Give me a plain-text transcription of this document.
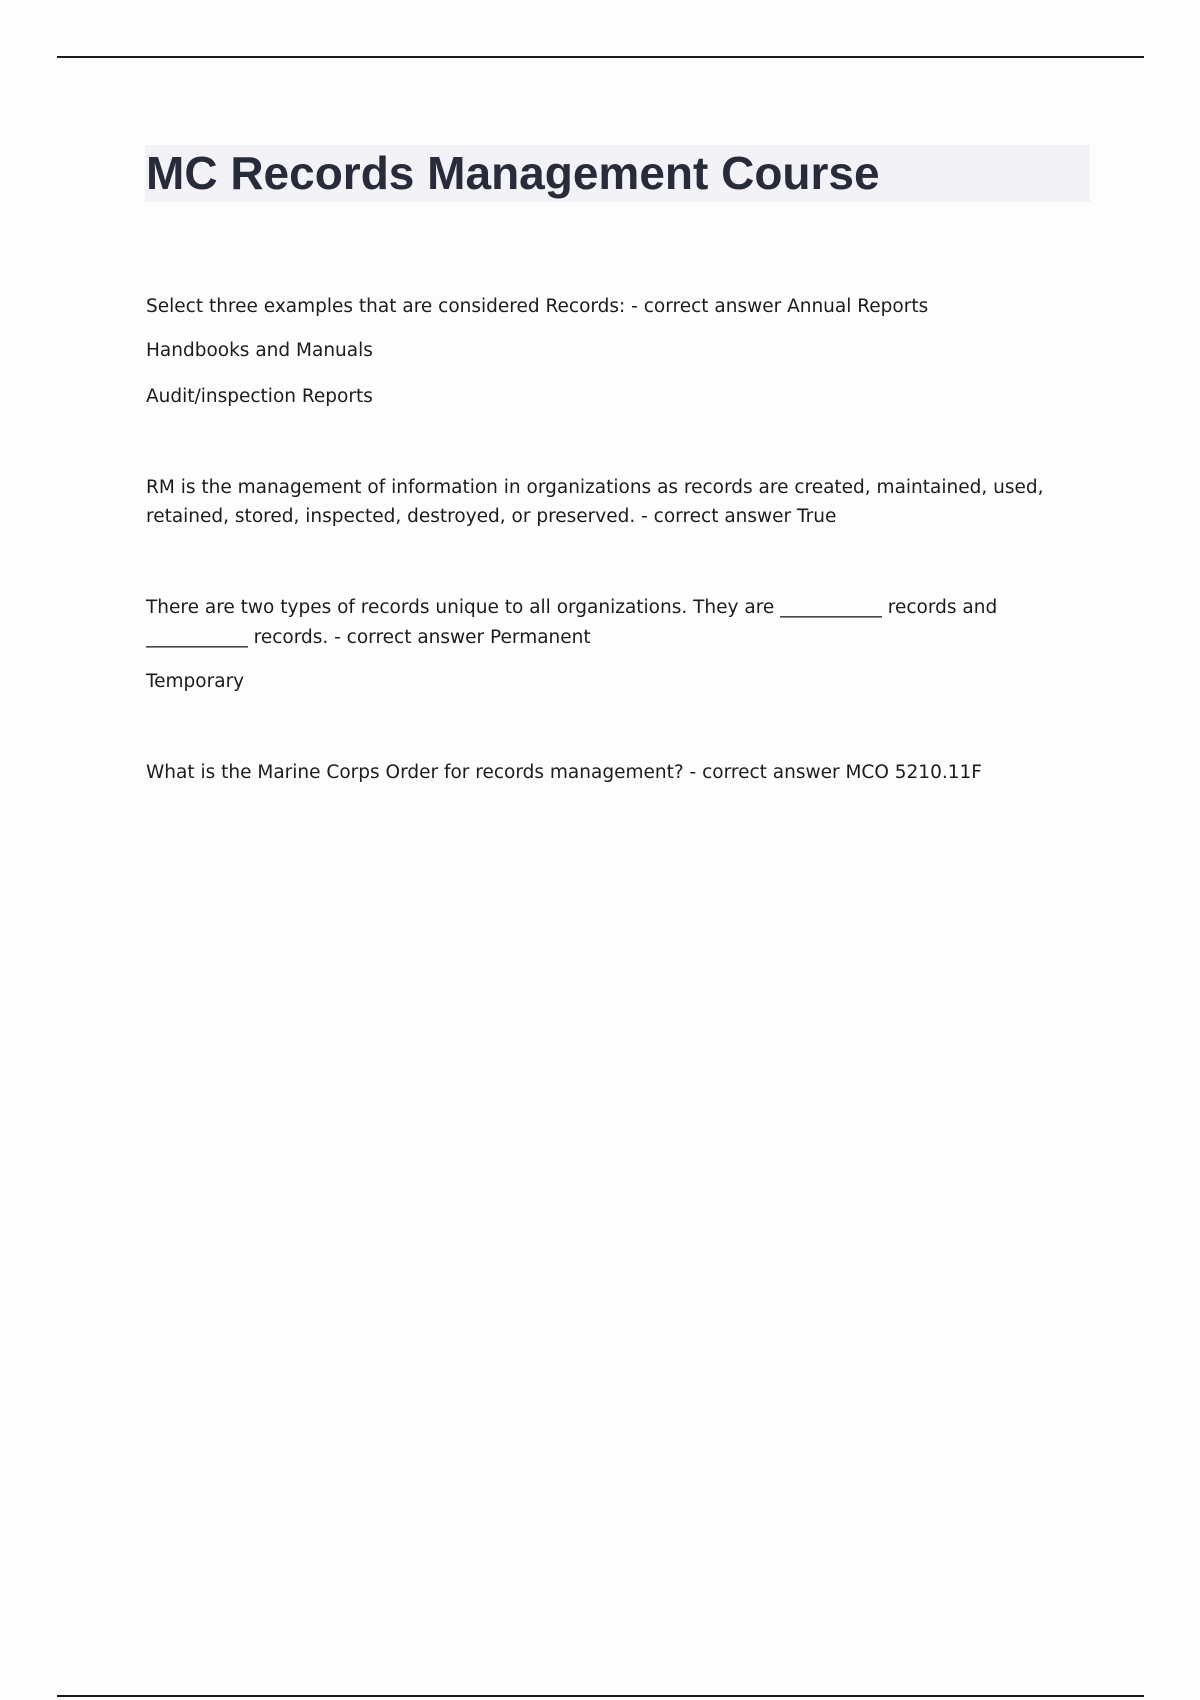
MC Records Management Course

Select three examples that are considered Records: - correct answer Annual Reports

Handbooks and Manuals

Audit/inspection Reports

RM is the management of information in organizations as records are created, maintained, used,

retained, stored, inspected, destroyed, or preserved. - correct answer True

There are two types of records unique to all organizations. They are ___________ records and

___________ records. - correct answer Permanent

Temporary

What is the Marine Corps Order for records management? - correct answer MCO 5210.11F
